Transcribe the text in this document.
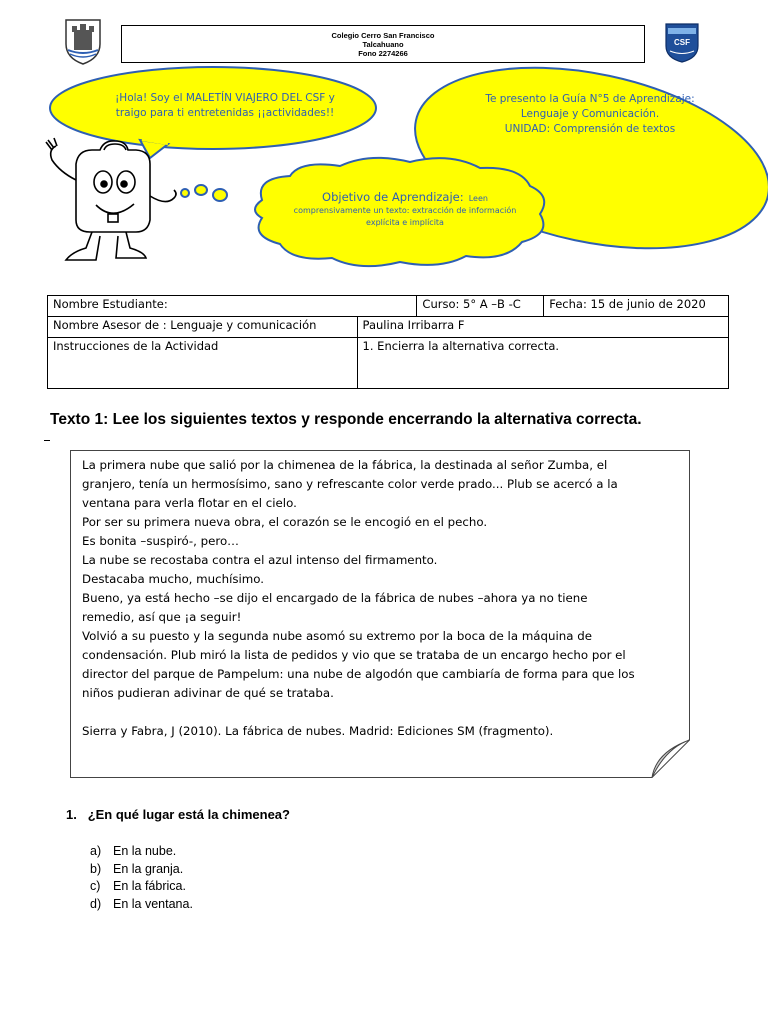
Colegio Cerro San Francisco
Talcahuano
Fono 2274266
CSF
¡Hola! Soy el MALETÍN VIAJERO DEL CSF y
traigo para ti entretenidas ¡¡actividades!!
Te presento la Guía N°5 de Aprendizaje:
Lenguaje y Comunicación.
UNIDAD: Comprensión de textos
Objetivo de Aprendizaje: Leen
comprensivamente un texto: extracción de información
explícita e implícita
Nombre Estudiante:		Curso: 5° A –B -C	Fecha: 15 de junio de 2020
Nombre Asesor de : Lenguaje y comunicación	Paulina Irribarra F		
Instrucciones de la Actividad	1. Encierra la alternativa correcta.		
Texto 1: Lee los siguientes textos y responde encerrando la alternativa correcta.

La primera nube que salió por la chimenea de la fábrica, la destinada al señor Zumba, el

granjero, tenía un hermosísimo, sano y refrescante color verde prado... Plub se acercó a la

ventana para verla flotar en el cielo.

Por ser su primera nueva obra, el corazón se le encogió en el pecho.

Es bonita –suspiró-, pero…

La nube se recostaba contra el azul intenso del firmamento.

Destacaba mucho, muchísimo.

Bueno, ya está hecho –se dijo el encargado de la fábrica de nubes –ahora ya no tiene

remedio, así que ¡a seguir!

Volvió a su puesto y la segunda nube asomó su extremo por la boca de la máquina de

condensación. Plub miró la lista de pedidos y vio que se trataba de un encargo hecho por el

director del parque de Pampelum: una nube de algodón que cambiaría de forma para que los

niños pudieran adivinar de qué se trataba.

Sierra y Fabra, J (2010). La fábrica de nubes. Madrid: Ediciones SM (fragmento).

1. ¿En qué lugar está la chimenea?
a) En la nube.
b) En la granja.
c) En la fábrica.
d) En la ventana.
